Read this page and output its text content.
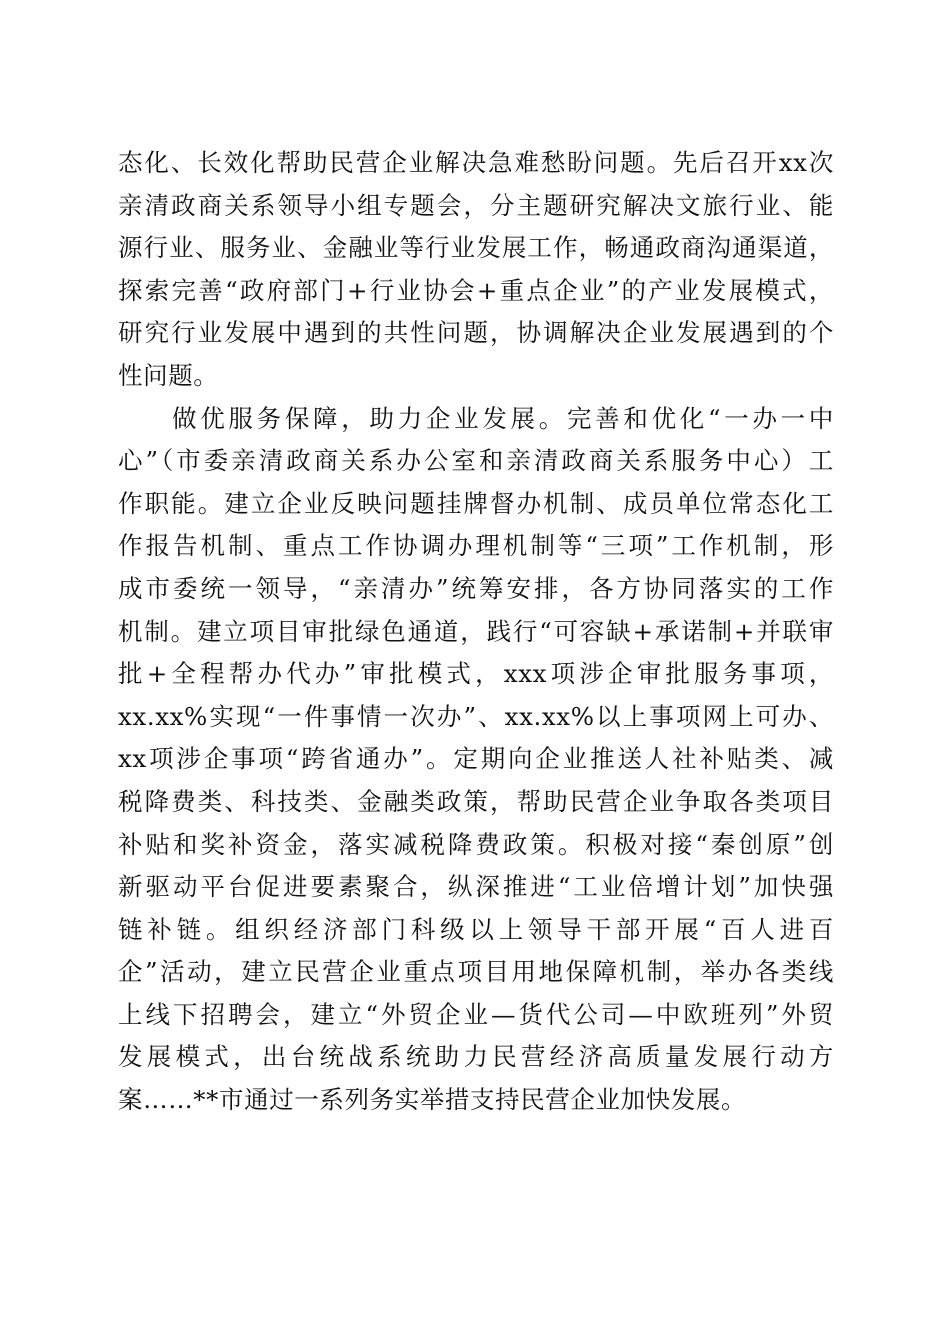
态化、长效化帮助民营企业解决急难愁盼问题。先后召开xx次
亲清政商关系领导小组专题会，分主题研究解决文旅行业、能
源行业、服务业、金融业等行业发展工作，畅通政商沟通渠道，
探索完善“政府部门+行业协会+重点企业”的产业发展模式，
研究行业发展中遇到的共性问题，协调解决企业发展遇到的个
性问题。
做优服务保障，助力企业发展。完善和优化“一办一中
心”（市委亲清政商关系办公室和亲清政商关系服务中心）工
作职能。建立企业反映问题挂牌督办机制、成员单位常态化工
作报告机制、重点工作协调办理机制等“三项”工作机制，形
成市委统一领导，“亲清办”统筹安排，各方协同落实的工作
机制。建立项目审批绿色通道，践行“可容缺+承诺制+并联审
批+全程帮办代办”审批模式，xxx项涉企审批服务事项，
xx.xx%实现“一件事情一次办”、xx.xx%以上事项网上可办、
xx项涉企事项“跨省通办”。定期向企业推送人社补贴类、减
税降费类、科技类、金融类政策，帮助民营企业争取各类项目
补贴和奖补资金，落实减税降费政策。积极对接“秦创原”创
新驱动平台促进要素聚合，纵深推进“工业倍增计划”加快强
链补链。组织经济部门科级以上领导干部开展“百人进百
企”活动，建立民营企业重点项目用地保障机制，举办各类线
上线下招聘会，建立“外贸企业—货代公司—中欧班列”外贸
发展模式，出台统战系统助力民营经济高质量发展行动方
案……**市通过一系列务实举措支持民营企业加快发展。
